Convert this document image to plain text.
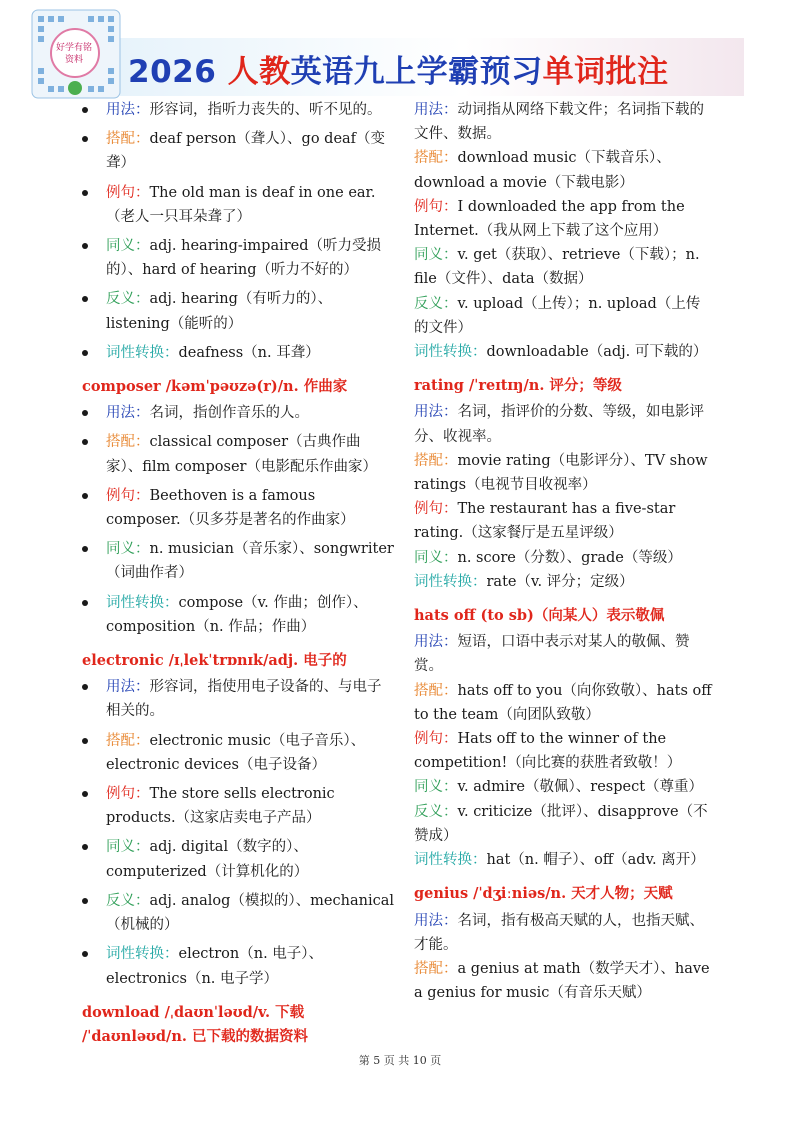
好学有铭
资料	2026 人教英语九上学霸预习单词批注
用法：形容词，指听力丧失的、听不见的。
搭配：deaf person（聋人）、go deaf（变聋）
例句：The old man is deaf in one ear.（老人一只耳朵聋了）
同义：adj. hearing-impaired（听力受损的）、hard of hearing（听力不好的）
反义：adj. hearing（有听力的）、listening（能听的）
词性转换：deafness（n. 耳聋）
composer /kəmˈpəʊzə(r)/n. 作曲家
用法：名词，指创作音乐的人。
搭配：classical composer（古典作曲家）、film composer（电影配乐作曲家）
例句：Beethoven is a famous composer.（贝多芬是著名的作曲家）
同义：n. musician（音乐家）、songwriter（词曲作者）
词性转换：compose（v. 作曲；创作）、composition（n. 作品；作曲）
electronic /ɪˌlekˈtrɒnɪk/adj. 电子的
用法：形容词，指使用电子设备的、与电子相关的。
搭配：electronic music（电子音乐）、electronic devices（电子设备）
例句：The store sells electronic products.（这家店卖电子产品）
同义：adj. digital（数字的）、computerized（计算机化的）
反义：adj. analog（模拟的）、mechanical（机械的）
词性转换：electron（n. 电子）、electronics（n. 电子学）
download /ˌdaʊnˈləʊd/v. 下载
/ˈdaʊnləʊd/n. 已下载的数据资料
用法：动词指从网络下载文件；名词指下载的文件、数据。
搭配：download music（下载音乐）、download a movie（下载电影）
例句：I downloaded the app from the Internet.（我从网上下载了这个应用）
同义：v. get（获取）、retrieve（下载）；n. file（文件）、data（数据）
反义：v. upload（上传）；n. upload（上传的文件）
词性转换：downloadable（adj. 可下载的）
rating /ˈreɪtɪŋ/n. 评分；等级
用法：名词，指评价的分数、等级，如电影评分、收视率。
搭配：movie rating（电影评分）、TV show ratings（电视节目收视率）
例句：The restaurant has a five-star rating.（这家餐厅是五星评级）
同义：n. score（分数）、grade（等级）
词性转换：rate（v. 评分；定级）
hats off (to sb)（向某人）表示敬佩
用法：短语，口语中表示对某人的敬佩、赞赏。
搭配：hats off to you（向你致敬）、hats off to the team（向团队致敬）
例句：Hats off to the winner of the competition!（向比赛的获胜者致敬！）
同义：v. admire（敬佩）、respect（尊重）
反义：v. criticize（批评）、disapprove（不赞成）
词性转换：hat（n. 帽子）、off（adv. 离开）
genius /ˈdʒiːniəs/n. 天才人物；天赋
用法：名词，指有极高天赋的人，也指天赋、才能。
搭配：a genius at math（数学天才）、have a genius for music（有音乐天赋）
第 5 页 共 10 页
